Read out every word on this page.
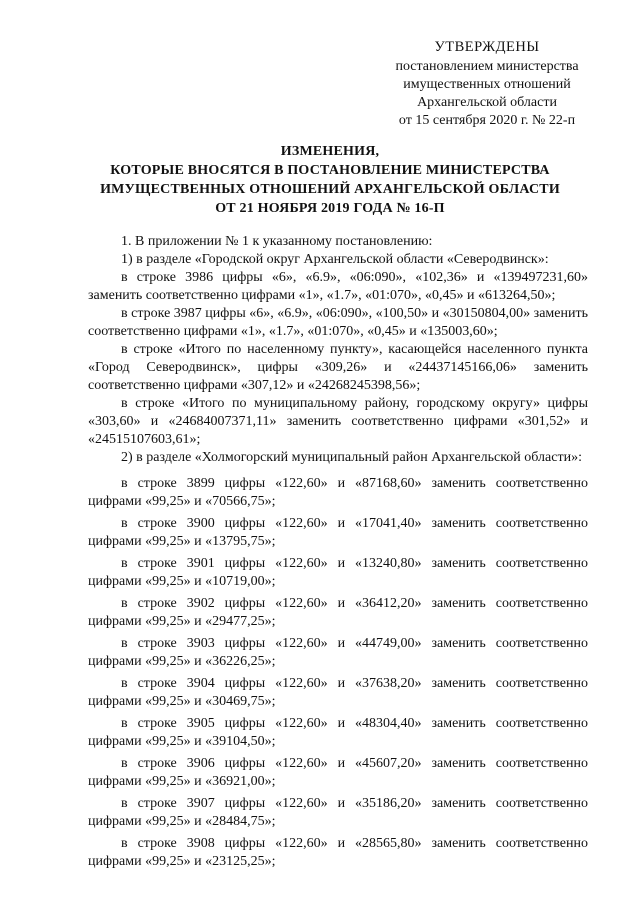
УТВЕРЖДЕНЫ
постановлением министерства
имущественных отношений
Архангельской области
от 15 сентября 2020 г. № 22-п
ИЗМЕНЕНИЯ,
КОТОРЫЕ ВНОСЯТСЯ В ПОСТАНОВЛЕНИЕ МИНИСТЕРСТВА
ИМУЩЕСТВЕННЫХ ОТНОШЕНИЙ АРХАНГЕЛЬСКОЙ ОБЛАСТИ
ОТ 21 НОЯБРЯ 2019 ГОДА № 16-П

1. В приложении № 1 к указанному постановлению:

1) в разделе «Городской округ Архангельской области «Северодвинск»:

в строке 3986 цифры «6», «6.9», «06:090», «102,36» и «139497231,60» заменить соответственно цифрами «1», «1.7», «01:070», «0,45» и «613264,50»;

в строке 3987 цифры «6», «6.9», «06:090», «100,50» и «30150804,00» заменить соответственно цифрами «1», «1.7», «01:070», «0,45» и «135003,60»;

в строке «Итого по населенному пункту», касающейся населенного пункта «Город Северодвинск», цифры «309,26» и «24437145166,06» заменить соответственно цифрами «307,12» и «24268245398,56»;

в строке «Итого по муниципальному району, городскому округу» цифры «303,60» и «24684007371,11» заменить соответственно цифрами «301,52» и «24515107603,61»;

2) в разделе «Холмогорский муниципальный район Архангельской области»:

в строке 3899 цифры «122,60» и «87168,60» заменить соответственно цифрами «99,25» и «70566,75»;

в строке 3900 цифры «122,60» и «17041,40» заменить соответственно цифрами «99,25» и «13795,75»;

в строке 3901 цифры «122,60» и «13240,80» заменить соответственно цифрами «99,25» и «10719,00»;

в строке 3902 цифры «122,60» и «36412,20» заменить соответственно цифрами «99,25» и «29477,25»;

в строке 3903 цифры «122,60» и «44749,00» заменить соответственно цифрами «99,25» и «36226,25»;

в строке 3904 цифры «122,60» и «37638,20» заменить соответственно цифрами «99,25» и «30469,75»;

в строке 3905 цифры «122,60» и «48304,40» заменить соответственно цифрами «99,25» и «39104,50»;

в строке 3906 цифры «122,60» и «45607,20» заменить соответственно цифрами «99,25» и «36921,00»;

в строке 3907 цифры «122,60» и «35186,20» заменить соответственно цифрами «99,25» и «28484,75»;

в строке 3908 цифры «122,60» и «28565,80» заменить соответственно цифрами «99,25» и «23125,25»;
